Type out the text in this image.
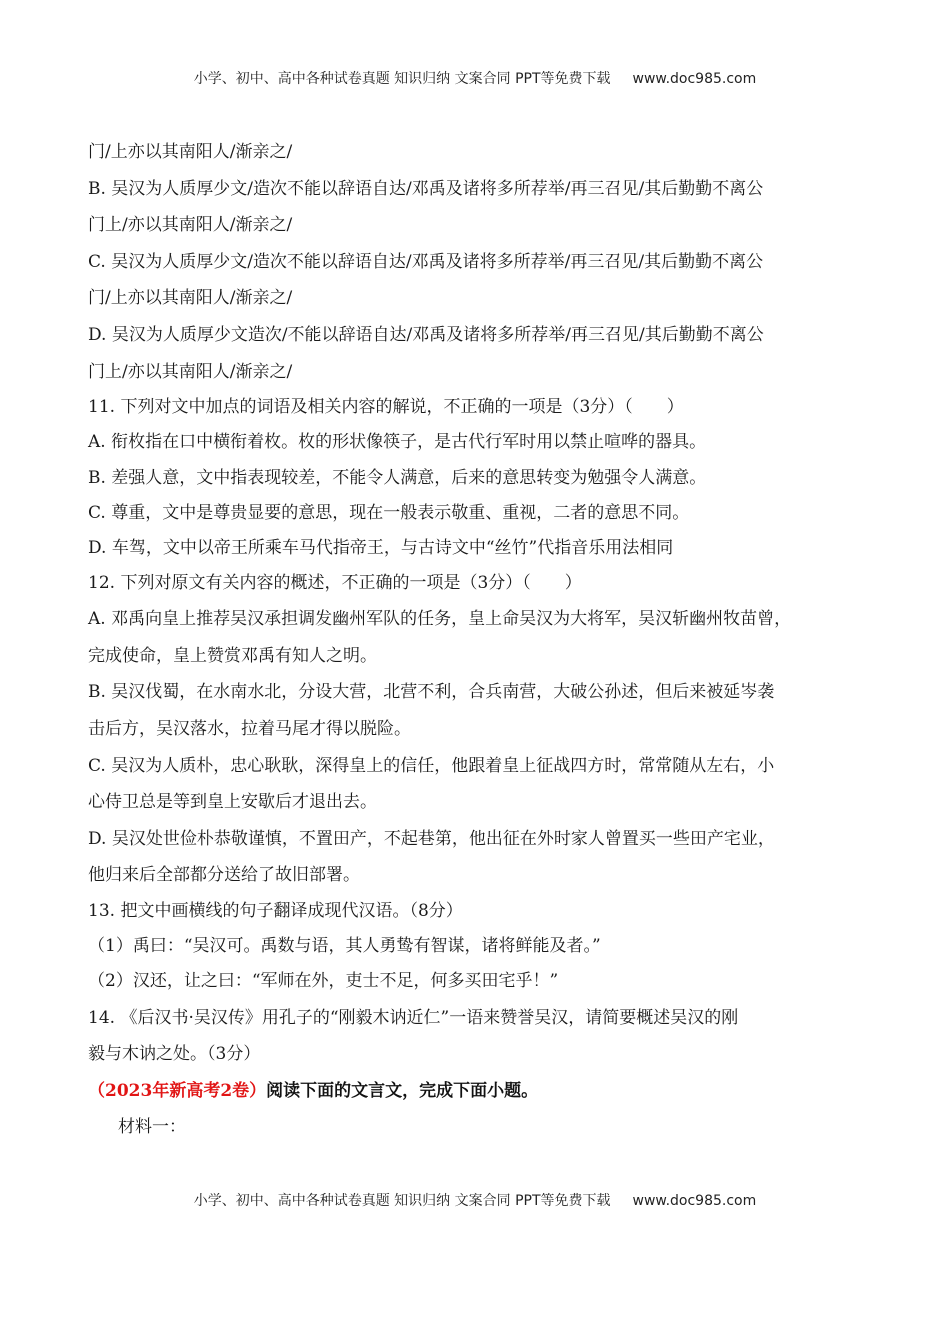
小学、初中、高中各种试卷真题 知识归纳 文案合同 PPT等免费下载 www.doc985.com
门/上亦以其南阳人/渐亲之/
B. 吴汉为人质厚少文/造次不能以辞语自达/邓禹及诸将多所荐举/再三召见/其后勤勤不离公
门上/亦以其南阳人/渐亲之/
C. 吴汉为人质厚少文/造次不能以辞语自达/邓禹及诸将多所荐举/再三召见/其后勤勤不离公
门/上亦以其南阳人/渐亲之/
D. 吴汉为人质厚少文造次/不能以辞语自达/邓禹及诸将多所荐举/再三召见/其后勤勤不离公
门上/亦以其南阳人/渐亲之/
11. 下列对文中加点的词语及相关内容的解说，不正确的一项是（3分）（　　）
A. 衔枚指在口中横衔着枚。枚的形状像筷子，是古代行军时用以禁止喧哗的器具。
B. 差强人意，文中指表现较差，不能令人满意，后来的意思转变为勉强令人满意。
C. 尊重，文中是尊贵显要的意思，现在一般表示敬重、重视，二者的意思不同。
D. 车驾，文中以帝王所乘车马代指帝王，与古诗文中“丝竹”代指音乐用法相同
12. 下列对原文有关内容的概述，不正确的一项是（3分）（　　）
A. 邓禹向皇上推荐吴汉承担调发幽州军队的任务，皇上命吴汉为大将军，吴汉斩幽州牧苗曾，
完成使命，皇上赞赏邓禹有知人之明。
B. 吴汉伐蜀，在水南水北，分设大营，北营不利，合兵南营，大破公孙述，但后来被延岑袭
击后方，吴汉落水，拉着马尾才得以脱险。
C. 吴汉为人质朴，忠心耿耿，深得皇上的信任，他跟着皇上征战四方时，常常随从左右，小
心侍卫总是等到皇上安歇后才退出去。
D. 吴汉处世俭朴恭敬谨慎，不置田产，不起巷第，他出征在外时家人曾置买一些田产宅业，
他归来后全部都分送给了故旧部署。
13. 把文中画横线的句子翻译成现代汉语。（8分）
（1）禹曰：“吴汉可。禹数与语，其人勇鸷有智谋，诸将鲜能及者。”
（2）汉还，让之曰：“军师在外，吏士不足，何多买田宅乎！”
14. 《后汉书·吴汉传》用孔子的“刚毅木讷近仁”一语来赞誉吴汉，请简要概述吴汉的刚
毅与木讷之处。（3分）
（2023年新高考2卷）阅读下面的文言文，完成下面小题。
材料一：
小学、初中、高中各种试卷真题 知识归纳 文案合同 PPT等免费下载 www.doc985.com
